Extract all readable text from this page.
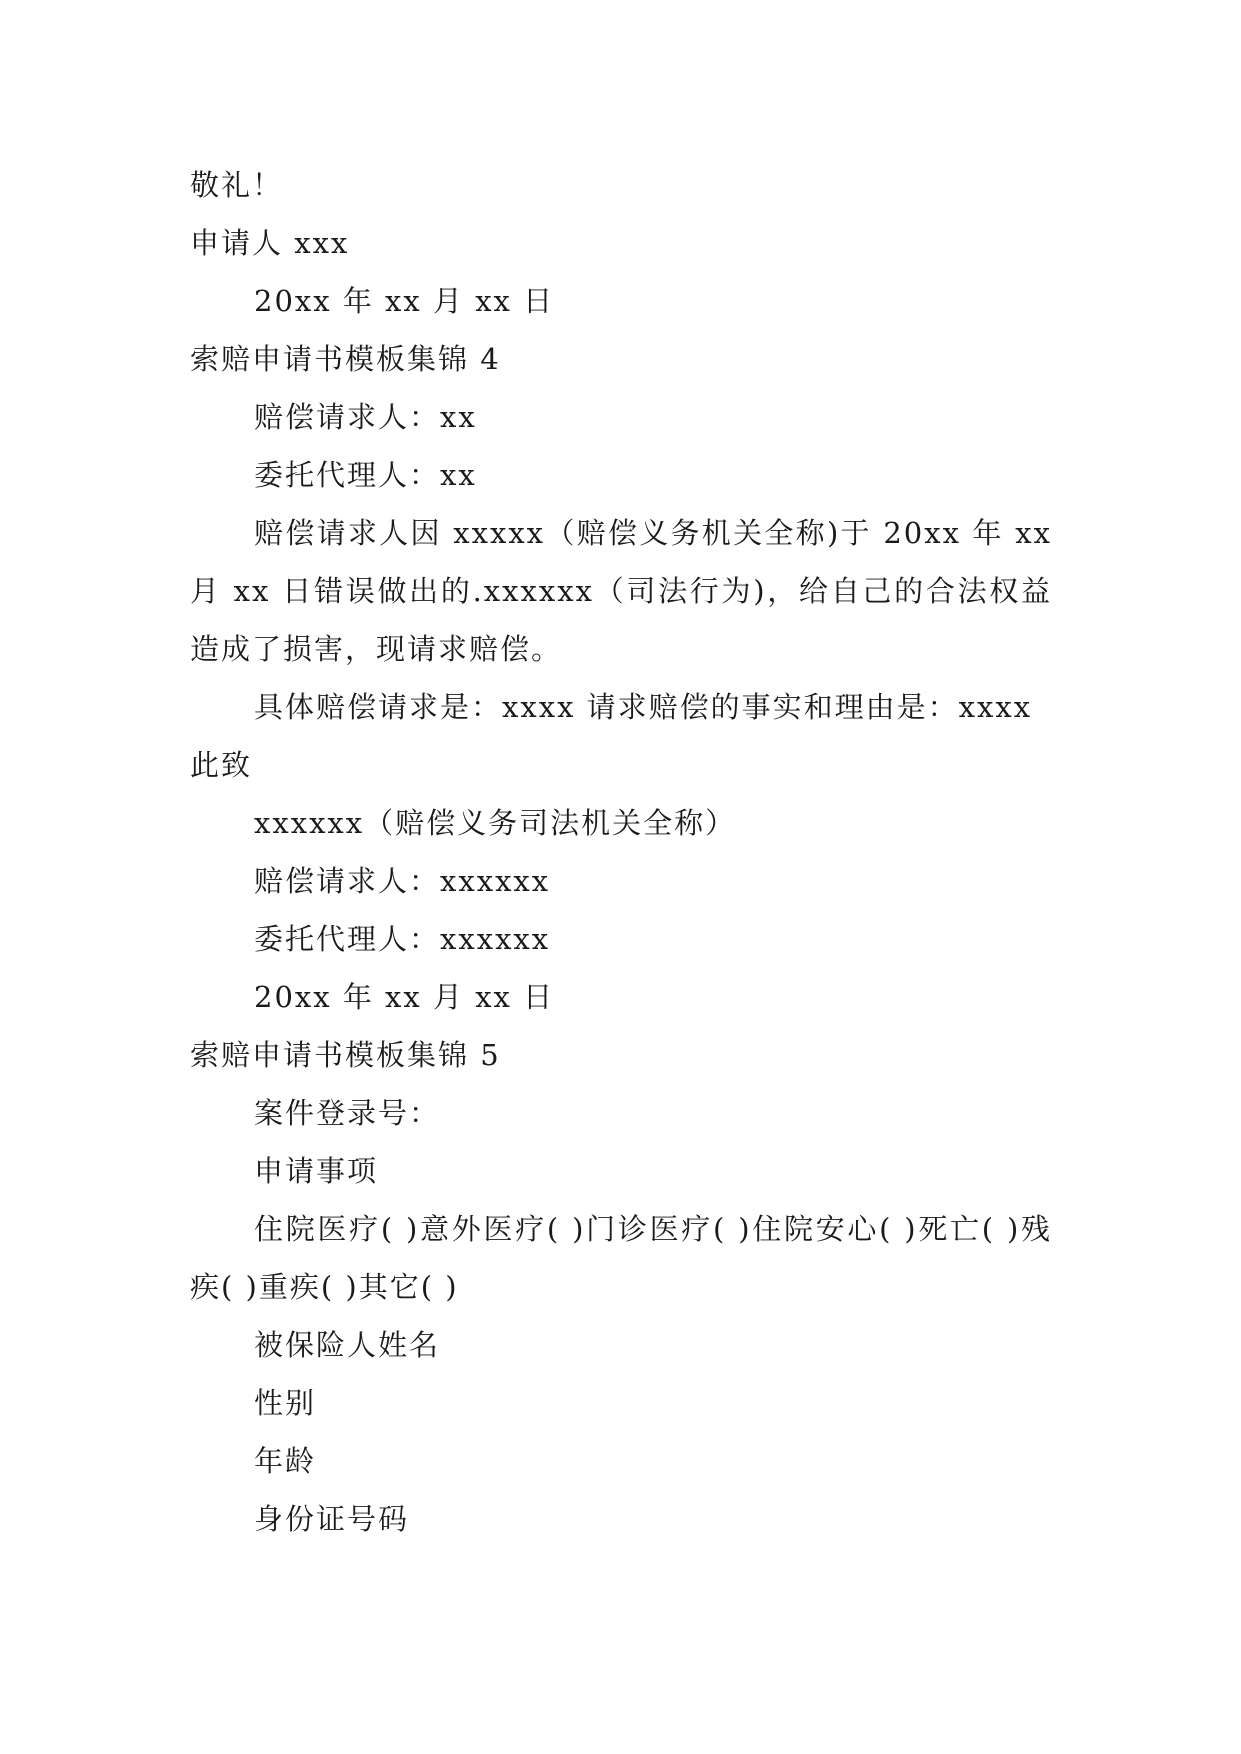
敬礼！

申请人 xxx

20xx 年 xx 月 xx 日

索赔申请书模板集锦 4

赔偿请求人：xx

委托代理人：xx

赔偿请求人因 xxxxx（赔偿义务机关全称)于 20xx 年 xx 月 xx 日错误做出的.xxxxxx（司法行为)，给自己的合法权益造成了损害，现请求赔偿。

具体赔偿请求是：xxxx 请求赔偿的事实和理由是：xxxx

此致

xxxxxx（赔偿义务司法机关全称）

赔偿请求人：xxxxxx

委托代理人：xxxxxx

20xx 年 xx 月 xx 日

索赔申请书模板集锦 5

案件登录号：

申请事项

住院医疗( )意外医疗( )门诊医疗( )住院安心( )死亡( )残疾( )重疾( )其它( )

被保险人姓名

性别

年龄

身份证号码
